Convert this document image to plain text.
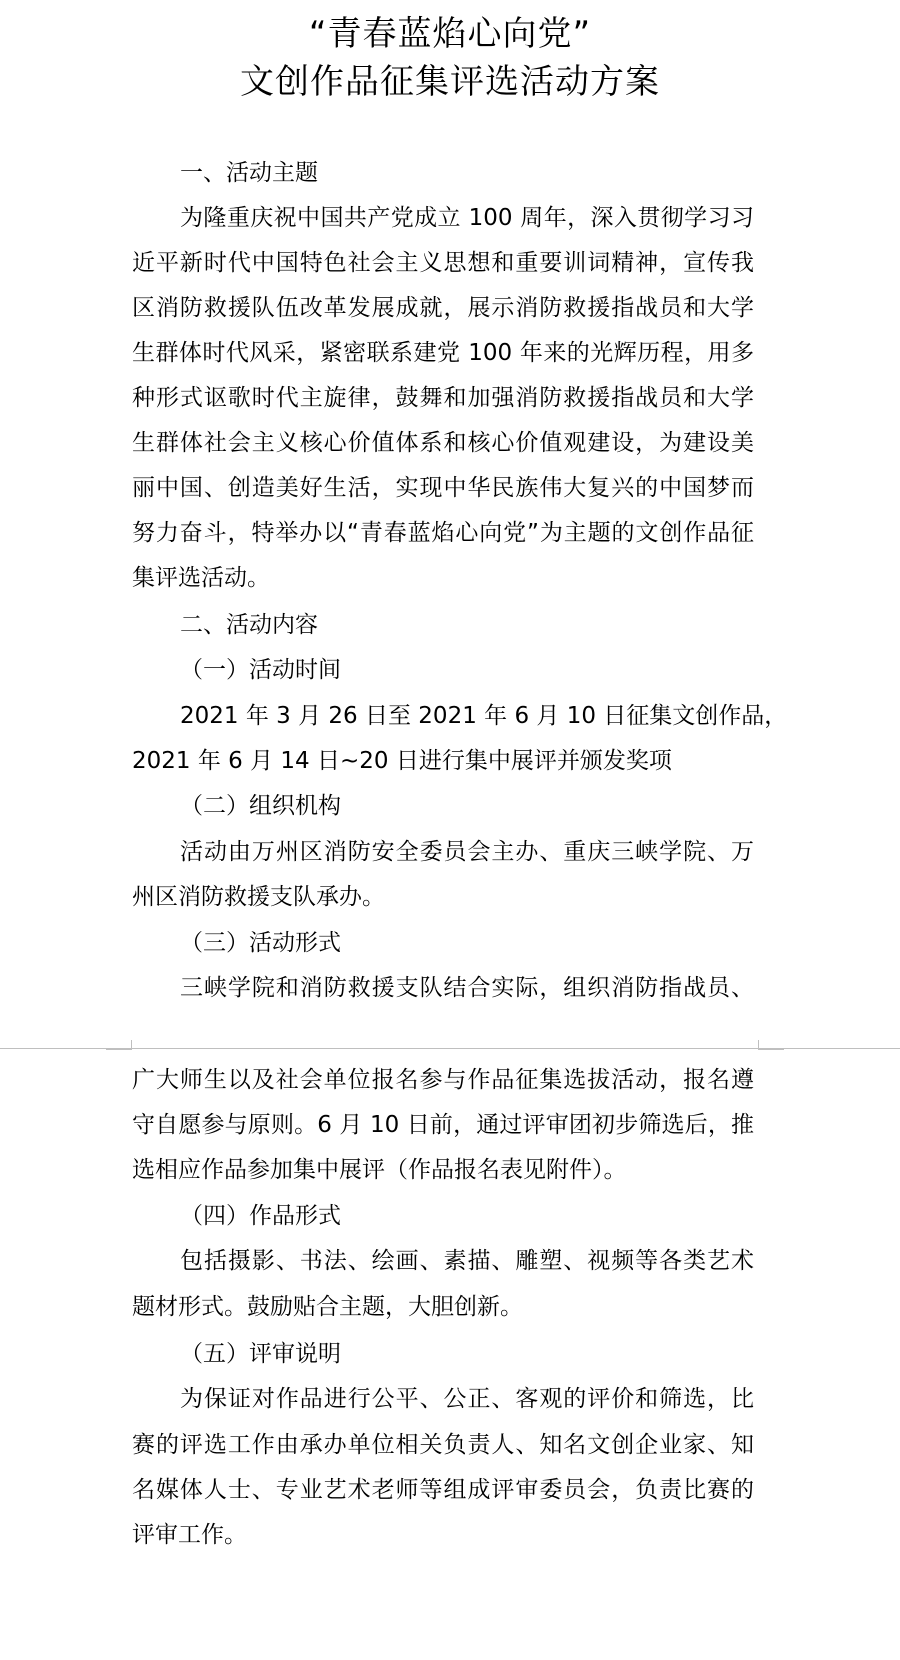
“青春蓝焰心向党”
文创作品征集评选活动方案
一、活动主题
为隆重庆祝中国共产党成立 100 周年，深入贯彻学习习
近平新时代中国特色社会主义思想和重要训词精神，宣传我
区消防救援队伍改革发展成就，展示消防救援指战员和大学
生群体时代风采，紧密联系建党 100 年来的光辉历程，用多
种形式讴歌时代主旋律，鼓舞和加强消防救援指战员和大学
生群体社会主义核心价值体系和核心价值观建设，为建设美
丽中国、创造美好生活，实现中华民族伟大复兴的中国梦而
努力奋斗，特举办以“青春蓝焰心向党”为主题的文创作品征
集评选活动。
二、活动内容
（一）活动时间
2021 年 3 月 26 日至 2021 年 6 月 10 日征集文创作品，
2021 年 6 月 14 日~20 日进行集中展评并颁发奖项
（二）组织机构
活动由万州区消防安全委员会主办、重庆三峡学院、万
州区消防救援支队承办。
（三）活动形式
三峡学院和消防救援支队结合实际，组织消防指战员、
广大师生以及社会单位报名参与作品征集选拔活动，报名遵
守自愿参与原则。6 月 10 日前，通过评审团初步筛选后，推
选相应作品参加集中展评（作品报名表见附件）。
（四）作品形式
包括摄影、书法、绘画、素描、雕塑、视频等各类艺术
题材形式。鼓励贴合主题，大胆创新。
（五）评审说明
为保证对作品进行公平、公正、客观的评价和筛选，比
赛的评选工作由承办单位相关负责人、知名文创企业家、知
名媒体人士、专业艺术老师等组成评审委员会，负责比赛的
评审工作。
